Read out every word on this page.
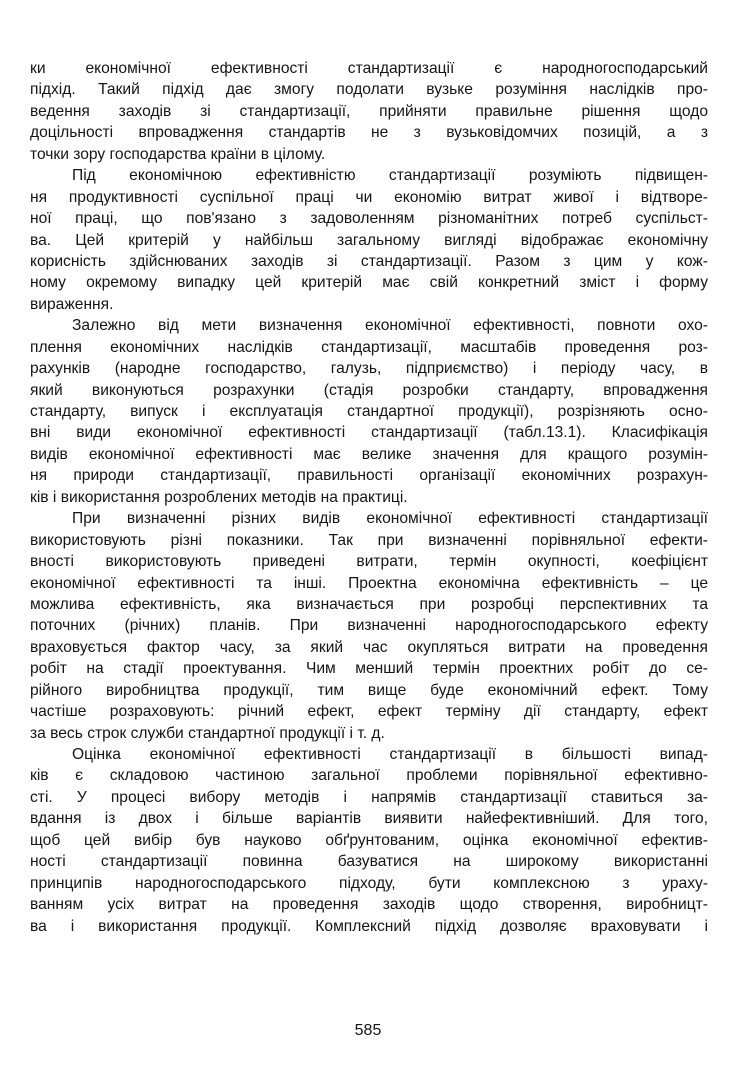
ки економічної ефективності стандартизації є народногосподарський
підхід. Такий підхід дає змогу подолати вузьке розуміння наслідків про-
ведення заходів зі стандартизації, прийняти правильне рішення щодо
доцільності впровадження стандартів не з вузьковідомчих позицій, а з
точки зору господарства країни в цілому.
Під економічною ефективністю стандартизації розуміють підвищен-
ня продуктивності суспільної праці чи економію витрат живої і відтворе-
ної праці, що пов'язано з задоволенням різноманітних потреб суспільст-
ва. Цей критерій у найбільш загальному вигляді відображає економічну
корисність здійснюваних заходів зі стандартизації. Разом з цим у кож-
ному окремому випадку цей критерій має свій конкретний зміст і форму
вираження.
Залежно від мети визначення економічної ефективності, повноти охо-
плення економічних наслідків стандартизації, масштабів проведення роз-
рахунків (народне господарство, галузь, підприємство) і періоду часу, в
який виконуються розрахунки (стадія розробки стандарту, впровадження
стандарту, випуск і експлуатація стандартної продукції), розрізняють осно-
вні види економічної ефективності стандартизації (табл.13.1). Класифікація
видів економічної ефективності має велике значення для кращого розумін-
ня природи стандартизації, правильності організації економічних розрахун-
ків і використання розроблених методів на практиці.
При визначенні різних видів економічної ефективності стандартизації
використовують різні показники. Так при визначенні порівняльної ефекти-
вності використовують приведені витрати, термін окупності, коефіцієнт
економічної ефективності та інші. Проектна економічна ефективність – це
можлива ефективність, яка визначається при розробці перспективних та
поточних (річних) планів. При визначенні народногосподарського ефекту
враховується фактор часу, за який час окупляться витрати на проведення
робіт на стадії проектування. Чим менший термін проектних робіт до се-
рійного виробництва продукції, тим вище буде економічний ефект. Тому
частіше розраховують: річний ефект, ефект терміну дії стандарту, ефект
за весь строк служби стандартної продукції і т. д.
Оцінка економічної ефективності стандартизації в більшості випад-
ків є складовою частиною загальної проблеми порівняльної ефективно-
сті. У процесі вибору методів і напрямів стандартизації ставиться за-
вдання із двох і більше варіантів виявити найефективніший. Для того,
щоб цей вибір був науково обґрунтованим, оцінка економічної ефектив-
ності стандартизації повинна базуватися на широкому використанні
принципів народногосподарського підходу, бути комплексною з ураху-
ванням усіх витрат на проведення заходів щодо створення, виробницт-
ва і використання продукції. Комплексний підхід дозволяє враховувати і
585
